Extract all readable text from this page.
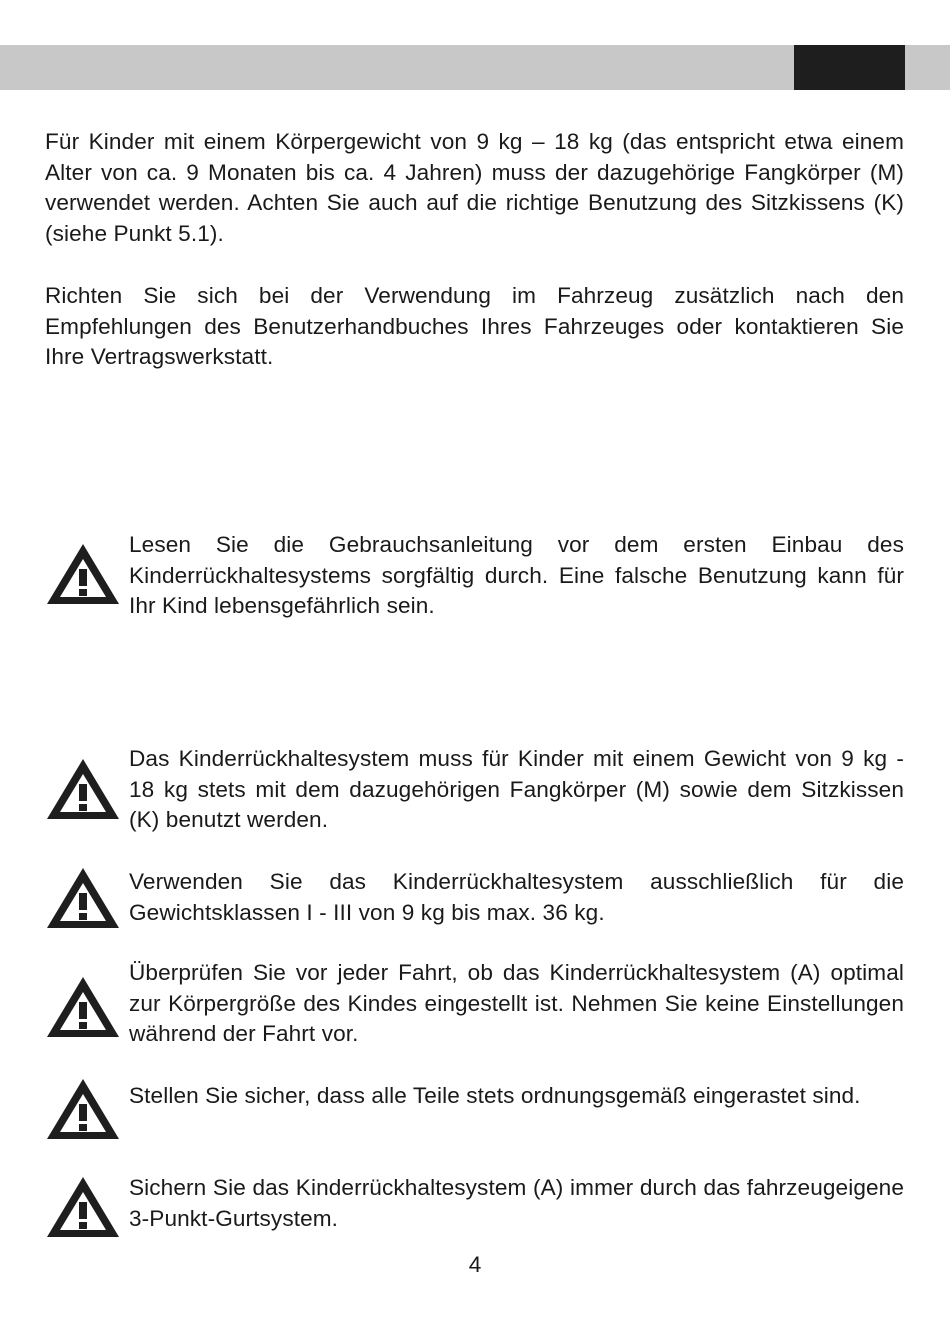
Für Kinder mit einem Körpergewicht von 9 kg – 18 kg (das entspricht etwa einem Alter von ca. 9 Monaten bis ca. 4 Jahren) muss der dazugehörige Fangkörper (M) verwendet werden. Achten Sie auch auf die richtige Benutzung des Sitzkissens (K) (siehe Punkt 5.1).

Richten Sie sich bei der Verwendung im Fahrzeug zusätzlich nach den Empfehlungen des Benutzerhandbuches Ihres Fahrzeuges oder kontaktieren Sie Ihre Vertragswerkstatt.

Lesen Sie die Gebrauchsanleitung vor dem ersten Einbau des Kinderrückhaltesystems sorgfältig durch. Eine falsche Benutzung kann für Ihr Kind lebensgefährlich sein.

Das Kinderrückhaltesystem muss für Kinder mit einem Gewicht von 9 kg - 18 kg stets mit dem dazugehörigen Fangkörper (M) sowie dem Sitzkissen (K) benutzt werden.

Verwenden Sie das Kinderrückhaltesystem ausschließlich für die Gewichtsklassen I - III von 9 kg bis max. 36 kg.

Überprüfen Sie vor jeder Fahrt, ob das Kinderrückhaltesystem (A) optimal zur Körpergröße des Kindes eingestellt ist. Nehmen Sie keine Einstellungen während der Fahrt vor.

Stellen Sie sicher, dass alle Teile stets ordnungsgemäß eingerastet sind.

Sichern Sie das Kinderrückhaltesystem (A) immer durch das fahrzeugeigene 3-Punkt-Gurtsystem.

4
